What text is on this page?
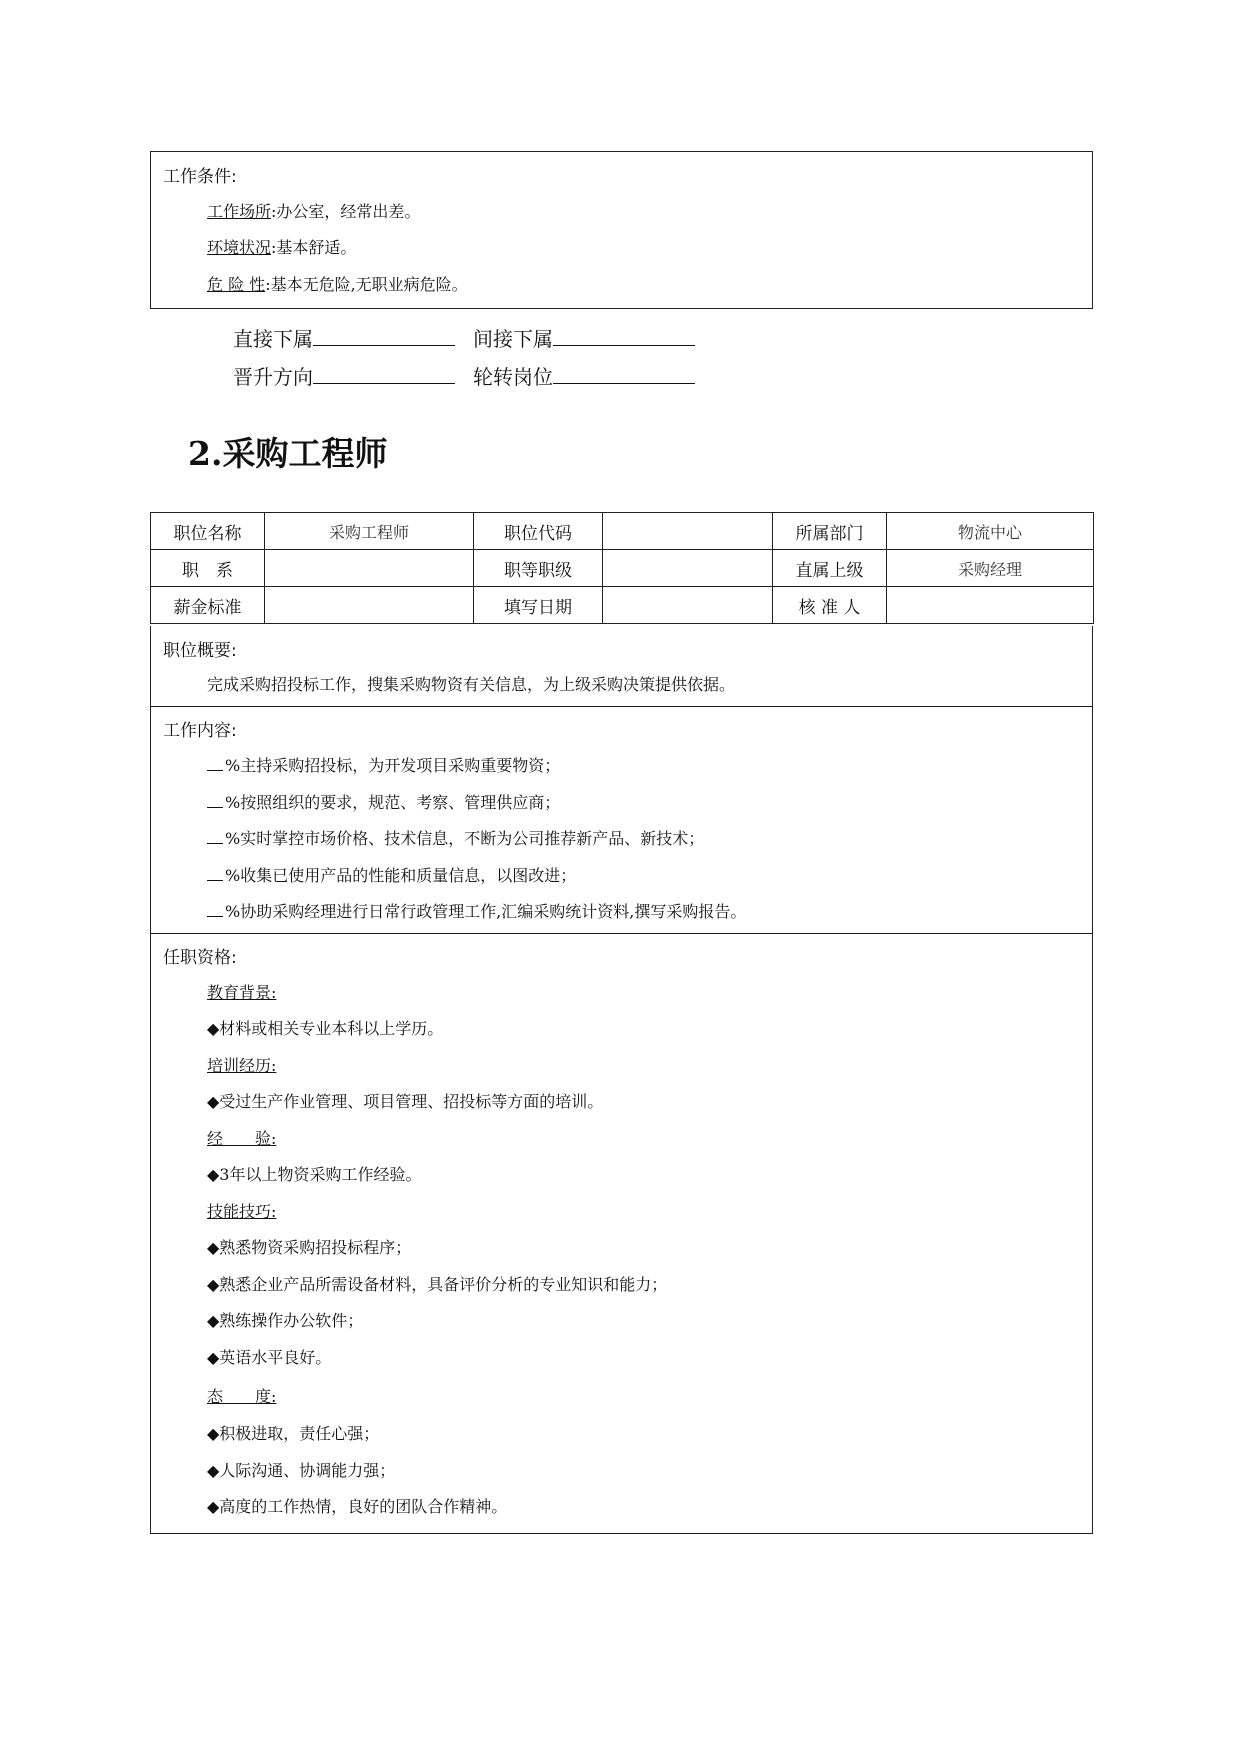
工作条件:
工作场所:办公室，经常出差。
环境状况:基本舒适。
危 险 性:基本无危险,无职业病危险。
直接下属	间接下属
晋升方向	轮转岗位
2.采购工程师
职位名称	采购工程师	职位代码		所属部门	物流中心
职　系		职等职级		直属上级	采购经理
薪金标准		填写日期		核 准 人	
职位概要:
完成采购招投标工作，搜集采购物资有关信息，为上级采购决策提供依据。
工作内容:
%主持采购招投标，为开发项目采购重要物资；
%按照组织的要求，规范、考察、管理供应商；
%实时掌控市场价格、技术信息，不断为公司推荐新产品、新技术；
%收集已使用产品的性能和质量信息，以图改进；
%协助采购经理进行日常行政管理工作,汇编采购统计资料,撰写采购报告。
任职资格:
教育背景:
◆材料或相关专业本科以上学历。
培训经历:
◆受过生产作业管理、项目管理、招投标等方面的培训。
经　　验:
◆3年以上物资采购工作经验。
技能技巧:
◆熟悉物资采购招投标程序；
◆熟悉企业产品所需设备材料，具备评价分析的专业知识和能力；
◆熟练操作办公软件；
◆英语水平良好。
态　　度:
◆积极进取，责任心强；
◆人际沟通、协调能力强；
◆高度的工作热情，良好的团队合作精神。
